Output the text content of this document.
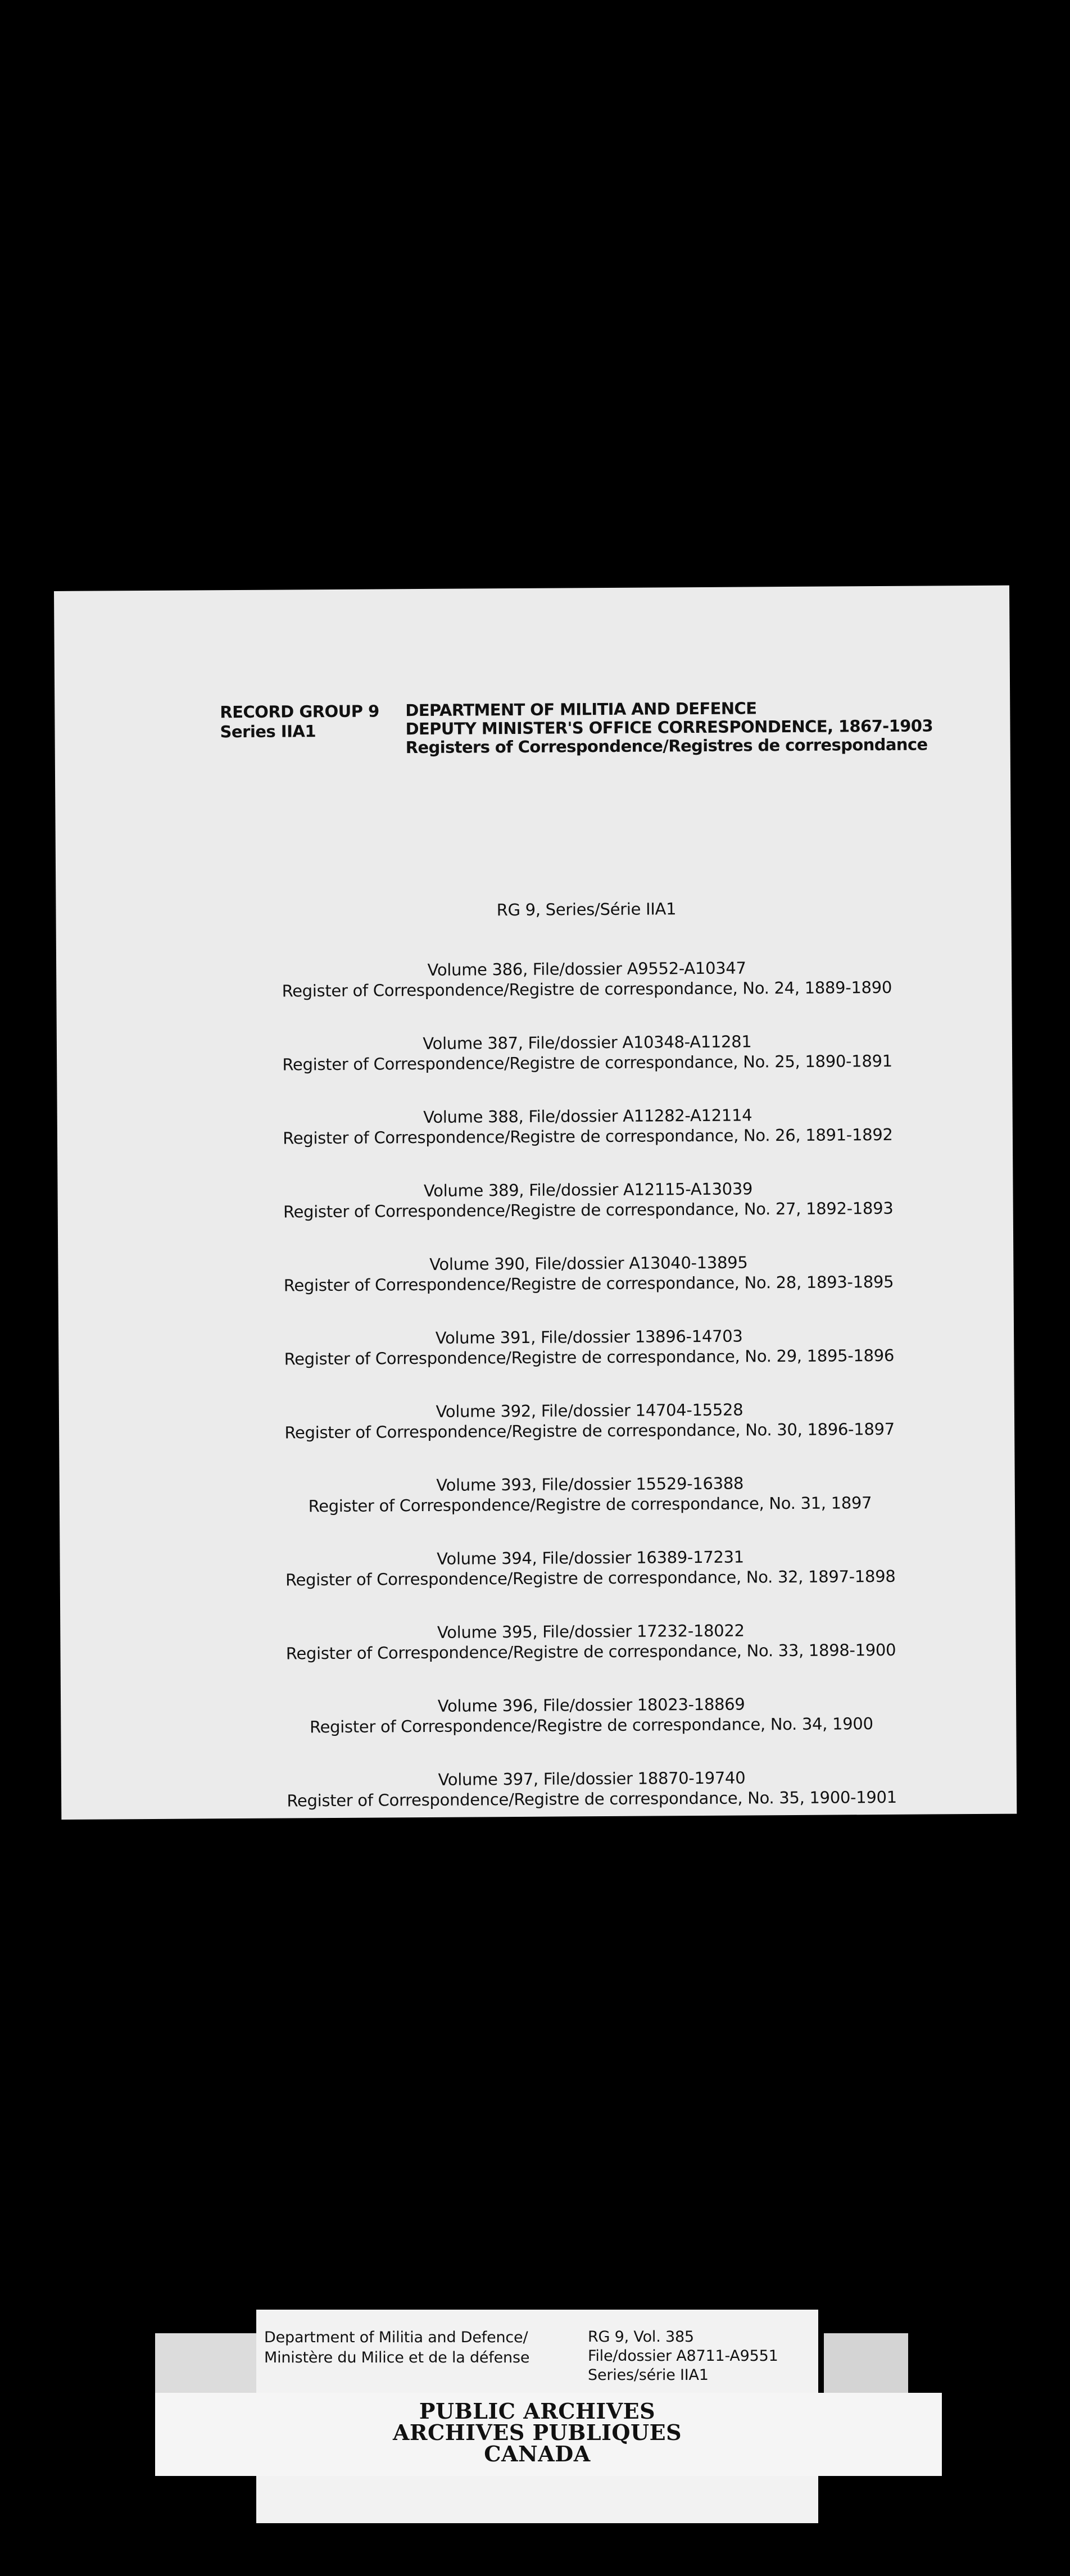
RECORD GROUP 9
Series IIA1
DEPARTMENT OF MILITIA AND DEFENCE
DEPUTY MINISTER'S OFFICE CORRESPONDENCE, 1867-1903
Registers of Correspondence/Registres de correspondance
RG 9, Series/Série IIA1
Volume 386, File/dossier A9552-A10347
Register of Correspondence/Registre de correspondance, No. 24, 1889-1890
Volume 387, File/dossier A10348-A11281
Register of Correspondence/Registre de correspondance, No. 25, 1890-1891
Volume 388, File/dossier A11282-A12114
Register of Correspondence/Registre de correspondance, No. 26, 1891-1892
Volume 389, File/dossier A12115-A13039
Register of Correspondence/Registre de correspondance, No. 27, 1892-1893
Volume 390, File/dossier A13040-13895
Register of Correspondence/Registre de correspondance, No. 28, 1893-1895
Volume 391, File/dossier 13896-14703
Register of Correspondence/Registre de correspondance, No. 29, 1895-1896
Volume 392, File/dossier 14704-15528
Register of Correspondence/Registre de correspondance, No. 30, 1896-1897
Volume 393, File/dossier 15529-16388
Register of Correspondence/Registre de correspondance, No. 31, 1897
Volume 394, File/dossier 16389-17231
Register of Correspondence/Registre de correspondance, No. 32, 1897-1898
Volume 395, File/dossier 17232-18022
Register of Correspondence/Registre de correspondance, No. 33, 1898-1900
Volume 396, File/dossier 18023-18869
Register of Correspondence/Registre de correspondance, No. 34, 1900
Volume 397, File/dossier 18870-19740
Register of Correspondence/Registre de correspondance, No. 35, 1900-1901
Department of Militia and Defence/
Ministère du Milice et de la défense
RG 9, Vol. 385
File/dossier A8711-A9551
Series/série IIA1
PUBLIC ARCHIVES
ARCHIVES PUBLIQUES
CANADA
